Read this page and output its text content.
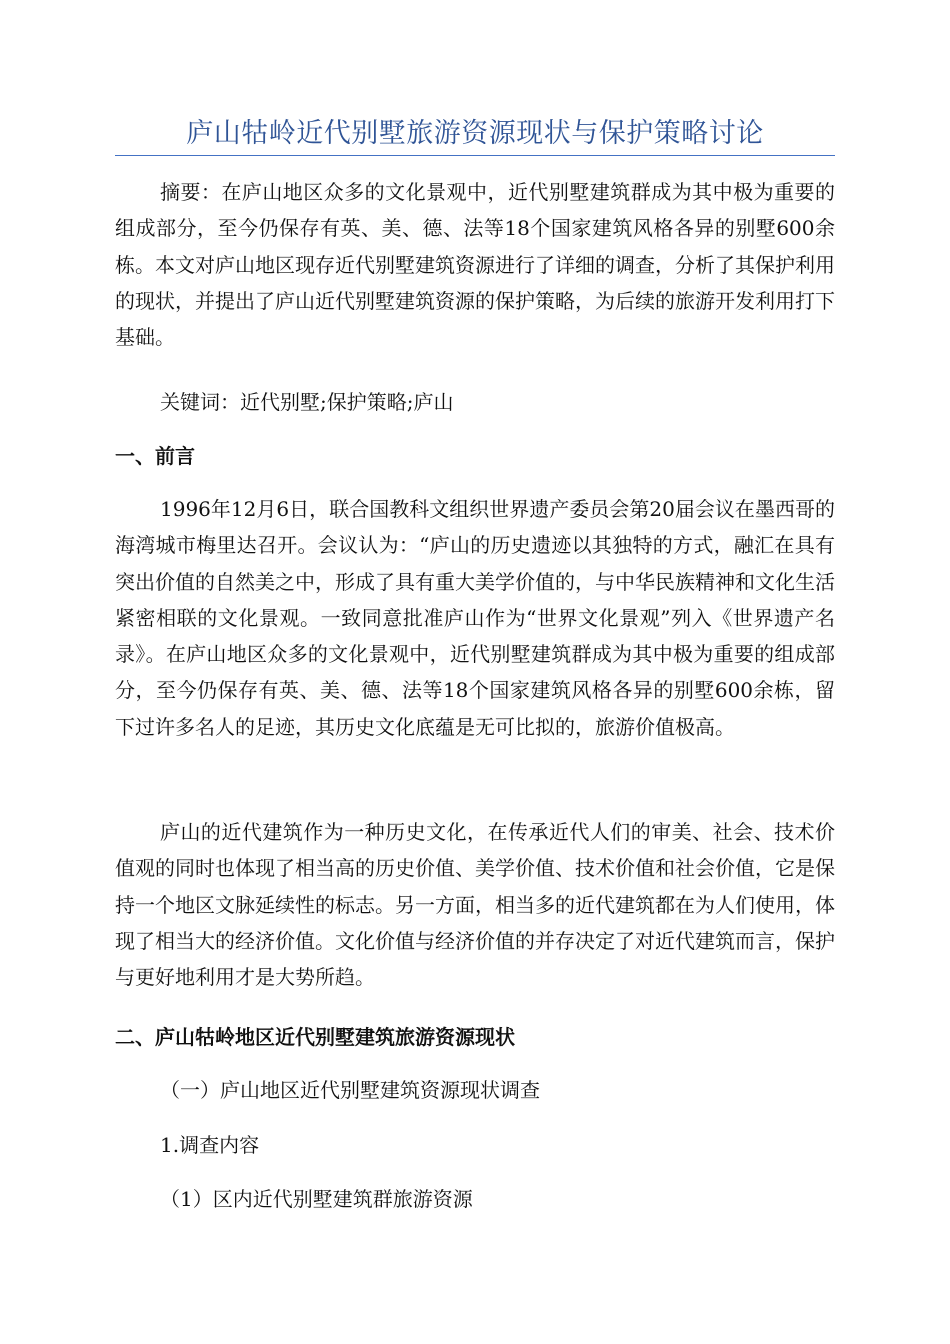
庐山牯岭近代别墅旅游资源现状与保护策略讨论

摘要：在庐山地区众多的文化景观中，近代别墅建筑群成为其中极为重要的组成部分，至今仍保存有英、美、德、法等18个国家建筑风格各异的别墅600余栋。本文对庐山地区现存近代别墅建筑资源进行了详细的调查，分析了其保护利用的现状，并提出了庐山近代别墅建筑资源的保护策略，为后续的旅游开发利用打下基础。

关键词：近代别墅;保护策略;庐山

一、前言

1996年12月6日，联合国教科文组织世界遗产委员会第20届会议在墨西哥的海湾城市梅里达召开。会议认为：“庐山的历史遗迹以其独特的方式，融汇在具有突出价值的自然美之中，形成了具有重大美学价值的，与中华民族精神和文化生活紧密相联的文化景观。一致同意批准庐山作为“世界文化景观”列入《世界遗产名录》。在庐山地区众多的文化景观中，近代别墅建筑群成为其中极为重要的组成部分，至今仍保存有英、美、德、法等18个国家建筑风格各异的别墅600余栋，留下过许多名人的足迹，其历史文化底蕴是无可比拟的，旅游价值极高。

庐山的近代建筑作为一种历史文化，在传承近代人们的审美、社会、技术价值观的同时也体现了相当高的历史价值、美学价值、技术价值和社会价值，它是保持一个地区文脉延续性的标志。另一方面，相当多的近代建筑都在为人们使用，体现了相当大的经济价值。文化价值与经济价值的并存决定了对近代建筑而言，保护与更好地利用才是大势所趋。

二、庐山牯岭地区近代别墅建筑旅游资源现状

（一）庐山地区近代别墅建筑资源现状调查

1.调查内容

（1）区内近代别墅建筑群旅游资源
